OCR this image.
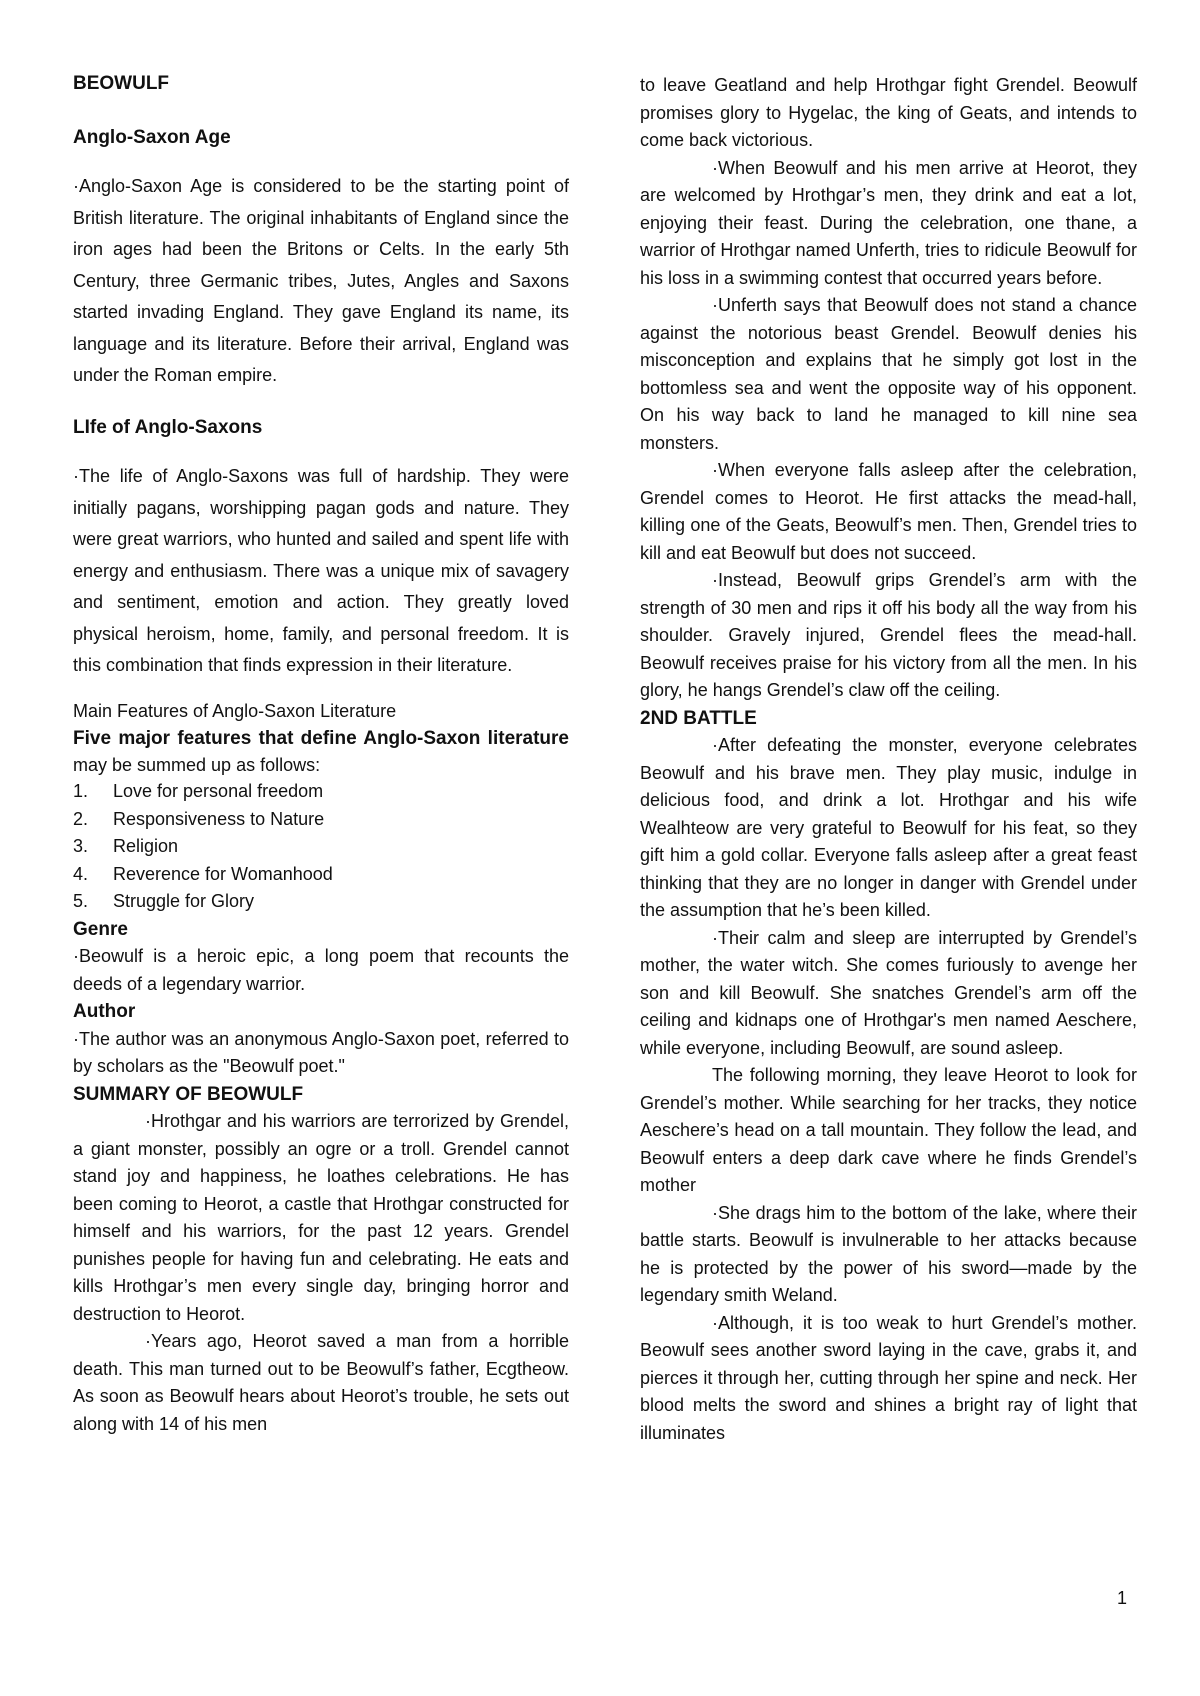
BEOWULF

Anglo-Saxon Age

·Anglo-Saxon Age is considered to be the starting point of British literature. The original inhabitants of England since the iron ages had been the Britons or Celts. In the early 5th Century, three Germanic tribes, Jutes, Angles and Saxons started invading England. They gave England its name, its language and its literature. Before their arrival, England was under the Roman empire.

LIfe of Anglo-Saxons

·The life of Anglo-Saxons was full of hardship. They were initially pagans, worshipping pagan gods and nature. They were great warriors, who hunted and sailed and spent life with energy and enthusiasm. There was a unique mix of savagery and sentiment, emotion and action. They greatly loved physical heroism, home, family, and personal freedom. It is this combination that finds expression in their literature.

Main Features of Anglo-Saxon Literature

Five major features that define Anglo-Saxon literature may be summed up as follows:

1.	Love for personal freedom
2.	Responsiveness to Nature
3.	Religion
4.	Reverence for Womanhood
5.	Struggle for Glory

Genre

·Beowulf is a heroic epic, a long poem that recounts the deeds of a legendary warrior.

Author

·The author was an anonymous Anglo-Saxon poet, referred to by scholars as the "Beowulf poet."

SUMMARY OF BEOWULF

·Hrothgar and his warriors are terrorized by Grendel, a giant monster, possibly an ogre or a troll. Grendel cannot stand joy and happiness, he loathes celebrations. He has been coming to Heorot, a castle that Hrothgar constructed for himself and his warriors, for the past 12 years. Grendel punishes people for having fun and celebrating. He eats and kills Hrothgar’s men every single day, bringing horror and destruction to Heorot.

·Years ago, Heorot saved a man from a horrible death. This man turned out to be Beowulf’s father, Ecgtheow. As soon as Beowulf hears about Heorot’s trouble, he sets out along with 14 of his men

to leave Geatland and help Hrothgar fight Grendel. Beowulf promises glory to Hygelac, the king of Geats, and intends to come back victorious.

·When Beowulf and his men arrive at Heorot, they are welcomed by Hrothgar’s men, they drink and eat a lot, enjoying their feast. During the celebration, one thane, a warrior of Hrothgar named Unferth, tries to ridicule Beowulf for his loss in a swimming contest that occurred years before.

·Unferth says that Beowulf does not stand a chance against the notorious beast Grendel. Beowulf denies his misconception and explains that he simply got lost in the bottomless sea and went the opposite way of his opponent. On his way back to land he managed to kill nine sea monsters.

·When everyone falls asleep after the celebration, Grendel comes to Heorot. He first attacks the mead-hall, killing one of the Geats, Beowulf’s men. Then, Grendel tries to kill and eat Beowulf but does not succeed.

·Instead, Beowulf grips Grendel’s arm with the strength of 30 men and rips it off his body all the way from his shoulder. Gravely injured, Grendel flees the mead-hall. Beowulf receives praise for his victory from all the men. In his glory, he hangs Grendel’s claw off the ceiling.

2ND BATTLE

·After defeating the monster, everyone celebrates Beowulf and his brave men. They play music, indulge in delicious food, and drink a lot. Hrothgar and his wife Wealhteow are very grateful to Beowulf for his feat, so they gift him a gold collar. Everyone falls asleep after a great feast thinking that they are no longer in danger with Grendel under the assumption that he’s been killed.

·Their calm and sleep are interrupted by Grendel’s mother, the water witch. She comes furiously to avenge her son and kill Beowulf. She snatches Grendel’s arm off the ceiling and kidnaps one of Hrothgar's men named Aeschere, while everyone, including Beowulf, are sound asleep.

The following morning, they leave Heorot to look for Grendel’s mother. While searching for her tracks, they notice Aeschere’s head on a tall mountain. They follow the lead, and Beowulf enters a deep dark cave where he finds Grendel’s mother

·She drags him to the bottom of the lake, where their battle starts. Beowulf is invulnerable to her attacks because he is protected by the power of his sword—made by the legendary smith Weland.

·Although, it is too weak to hurt Grendel’s mother. Beowulf sees another sword laying in the cave, grabs it, and pierces it through her, cutting through her spine and neck. Her blood melts the sword and shines a bright ray of light that illuminates

1
